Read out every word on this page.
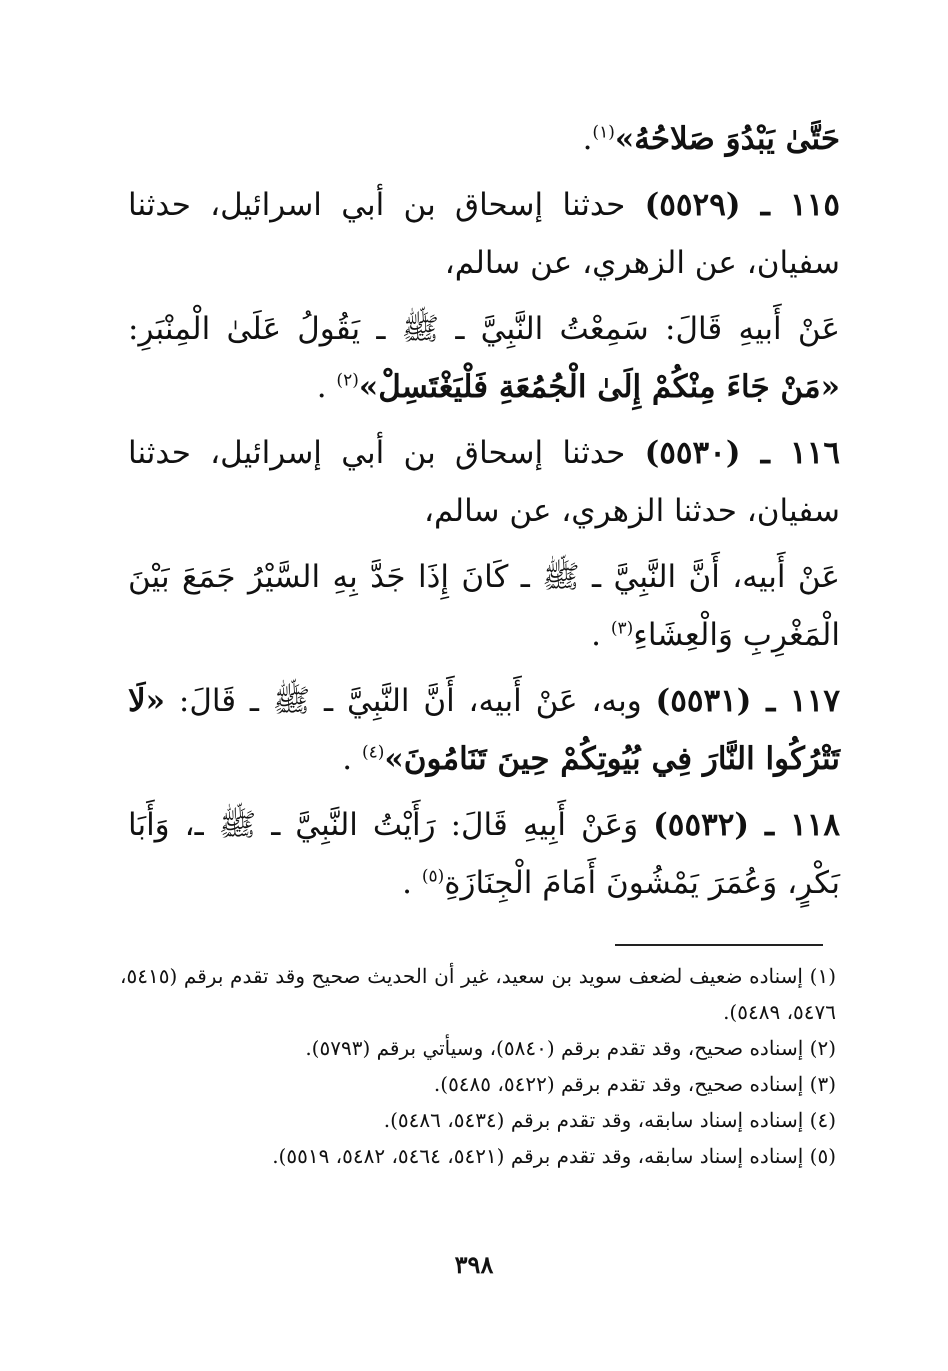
حَتَّىٰ يَبْدُوَ صَلاحُهُ»$^{(١)}$.

١١٥ ـ (٥٥٢٩) حدثنا إسحاق بن أبي اسرائيل، حدثنا سفيان، عن الزهري، عن سالم،

عَنْ أَبيهِ قَالَ: سَمِعْتُ النَّبِيَّ ـ ﷺ ـ يَقُولُ عَلَىٰ الْمِنْبَرِ: «مَنْ جَاءَ مِنْكُمْ إِلَىٰ الْجُمُعَةِ فَلْيَغْتَسِلْ»$^{(٢)}$ .

١١٦ ـ (٥٥٣٠) حدثنا إسحاق بن أبي إسرائيل، حدثنا سفيان، حدثنا الزهري، عن سالم،

عَنْ أَبيه، أَنَّ النَّبِيَّ ـ ﷺ ـ كَانَ إِذَا جَدَّ بِهِ السَّيْرُ جَمَعَ بَيْنَ الْمَغْرِبِ وَالْعِشَاءِ$^{(٣)}$ .

١١٧ ـ (٥٥٣١) وبه، عَنْ أَبيه، أَنَّ النَّبِيَّ ـ ﷺ ـ قَالَ: «لَا تَتْرُكُوا النَّارَ فِي بُيُوتِكُمْ حِينَ تَنَامُونَ»$^{(٤)}$ .

١١٨ ـ (٥٥٣٢) وَعَنْ أَبِيهِ قَالَ: رَأَيْتُ النَّبِيَّ ـ ﷺ ـ، وَأَبَا بَكْرٍ، وَعُمَرَ يَمْشُونَ أَمَامَ الْجِنَازَةِ$^{(٥)}$ .

(١) إسناده ضعيف لضعف سويد بن سعيد، غير أن الحديث صحيح وقد تقدم برقم (٥٤١٥، ٥٤٧٦، ٥٤٨٩).

(٢) إسناده صحيح، وقد تقدم برقم (٥٨٤٠)، وسيأتي برقم (٥٧٩٣).

(٣) إسناده صحيح، وقد تقدم برقم (٥٤٢٢، ٥٤٨٥).

(٤) إسناده إسناد سابقه، وقد تقدم برقم (٥٤٣٤، ٥٤٨٦).

(٥) إسناده إسناد سابقه، وقد تقدم برقم (٥٤٢١، ٥٤٦٤، ٥٤٨٢، ٥٥١٩).

٣٩٨
